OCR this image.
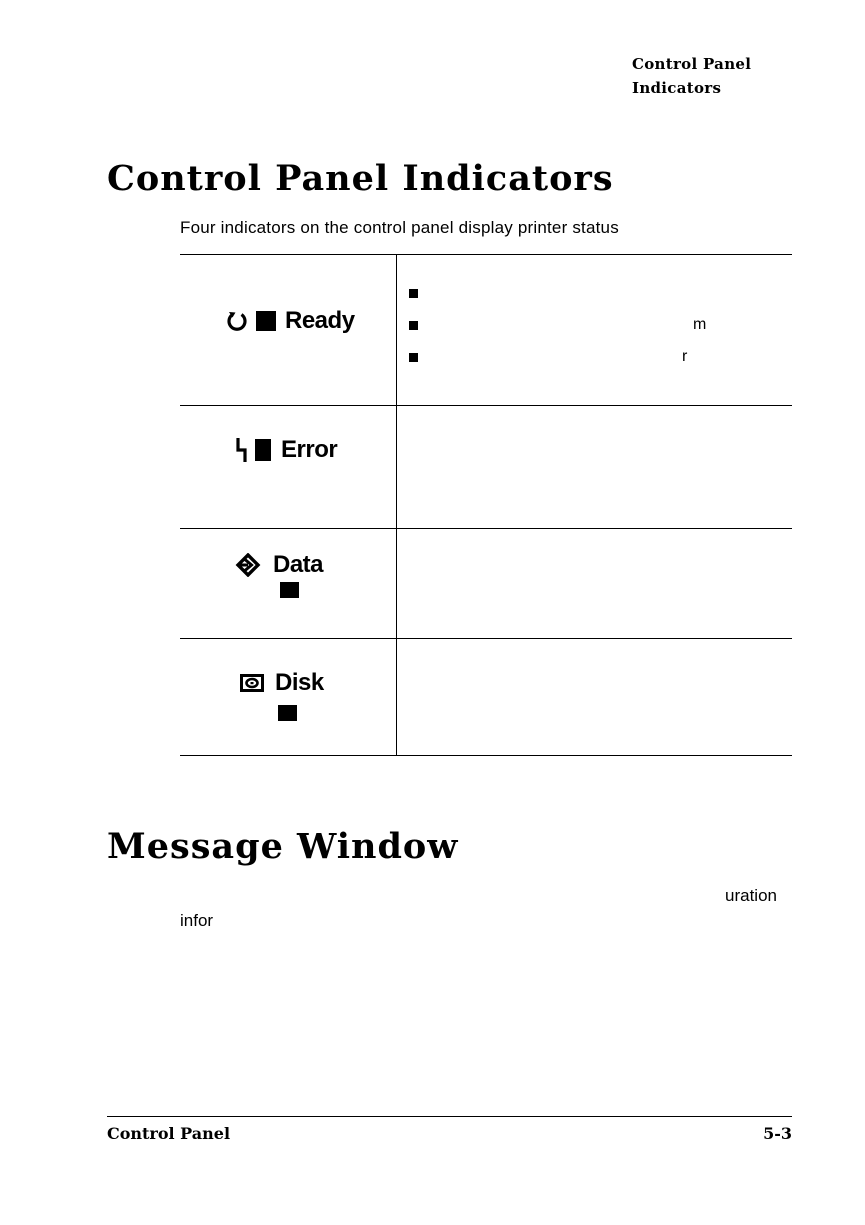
Control Panel
Indicators
Control Panel Indicators
Four indicators on the control panel display printer status
Ready	m
r
Error
Data
Disk
Message Window
uration
infor
Control Panel	5-3
